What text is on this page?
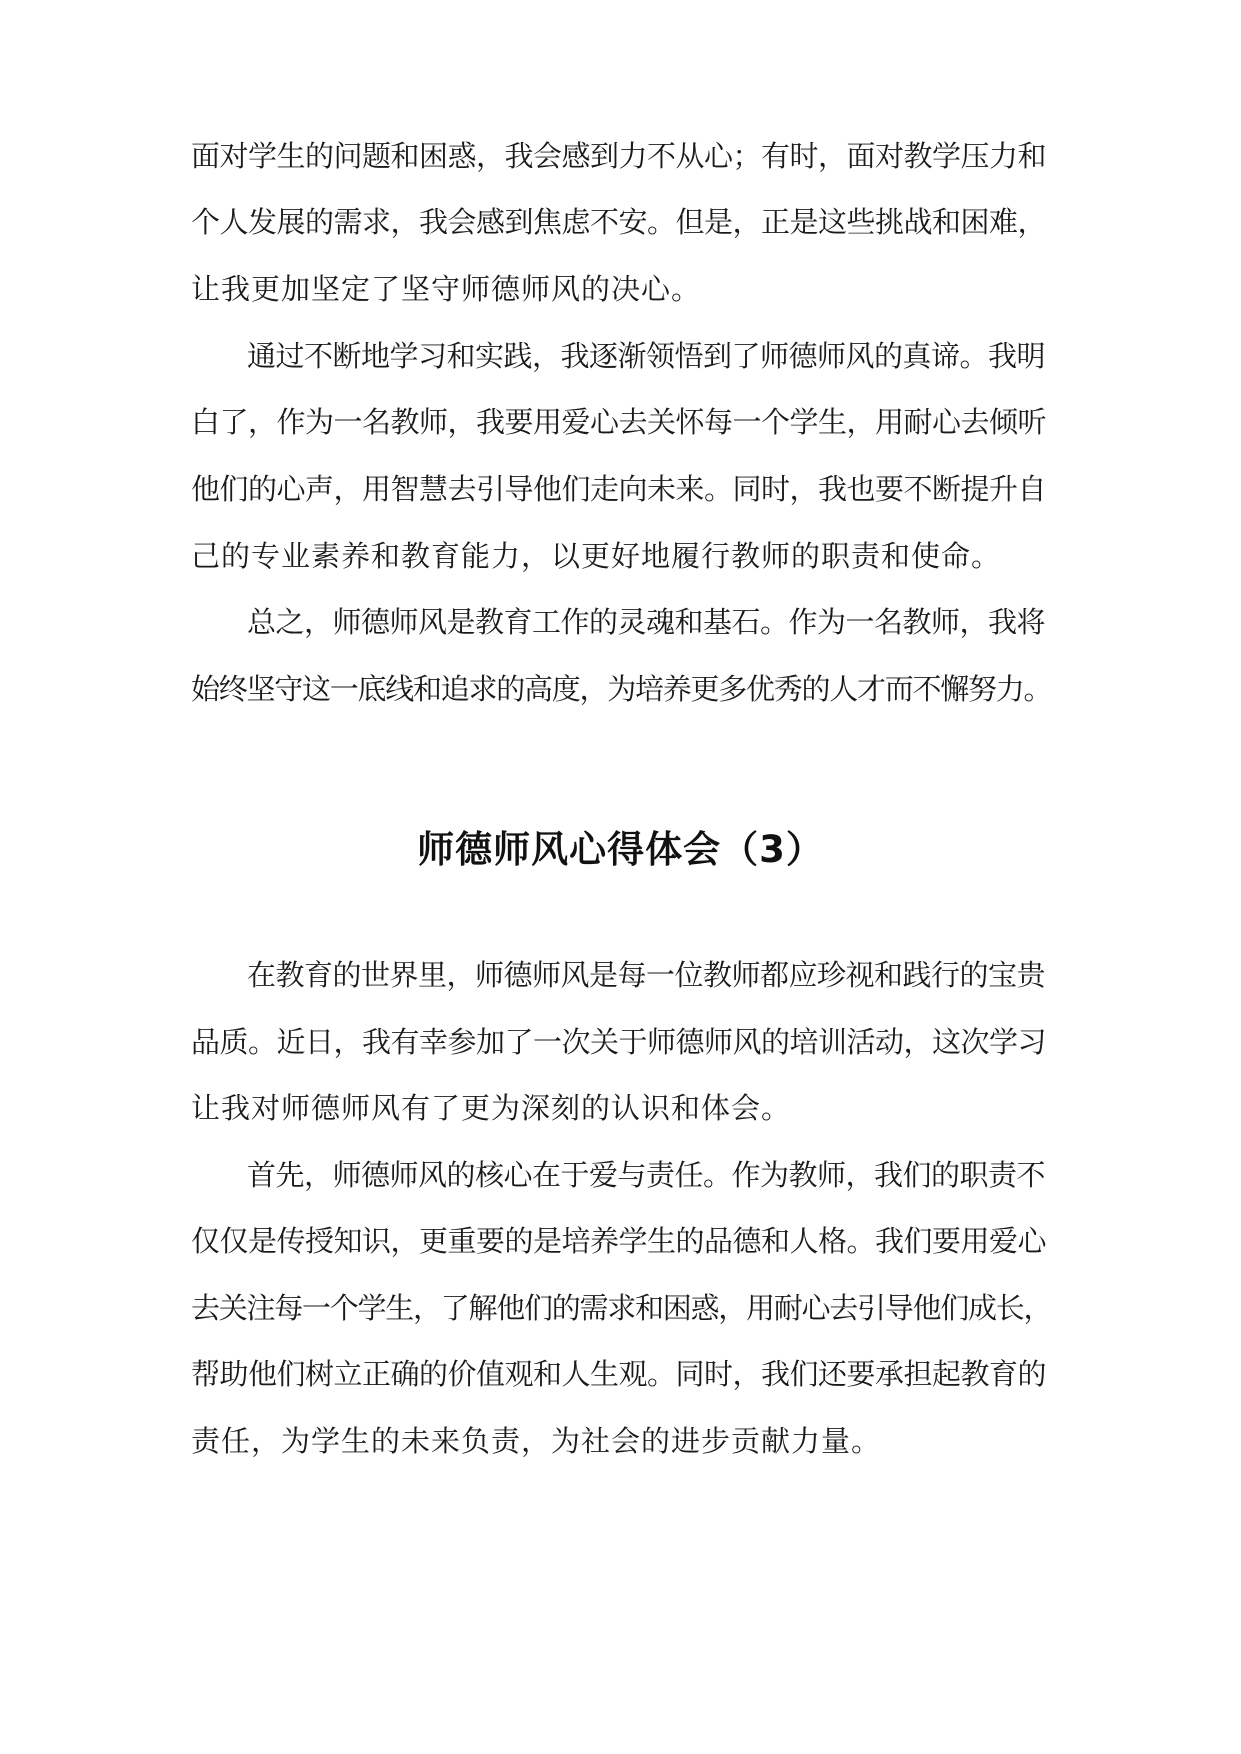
面对学生的问题和困惑，我会感到力不从心；有时，面对教学压力和
个人发展的需求，我会感到焦虑不安。但是，正是这些挑战和困难，
让我更加坚定了坚守师德师风的决心。
通过不断地学习和实践，我逐渐领悟到了师德师风的真谛。我明
白了，作为一名教师，我要用爱心去关怀每一个学生，用耐心去倾听
他们的心声，用智慧去引导他们走向未来。同时，我也要不断提升自
己的专业素养和教育能力，以更好地履行教师的职责和使命。
总之，师德师风是教育工作的灵魂和基石。作为一名教师，我将
始终坚守这一底线和追求的高度，为培养更多优秀的人才而不懈努力。
师德师风心得体会（3）
在教育的世界里，师德师风是每一位教师都应珍视和践行的宝贵
品质。近日，我有幸参加了一次关于师德师风的培训活动，这次学习
让我对师德师风有了更为深刻的认识和体会。
首先，师德师风的核心在于爱与责任。作为教师，我们的职责不
仅仅是传授知识，更重要的是培养学生的品德和人格。我们要用爱心
去关注每一个学生，了解他们的需求和困惑，用耐心去引导他们成长，
帮助他们树立正确的价值观和人生观。同时，我们还要承担起教育的
责任，为学生的未来负责，为社会的进步贡献力量。
